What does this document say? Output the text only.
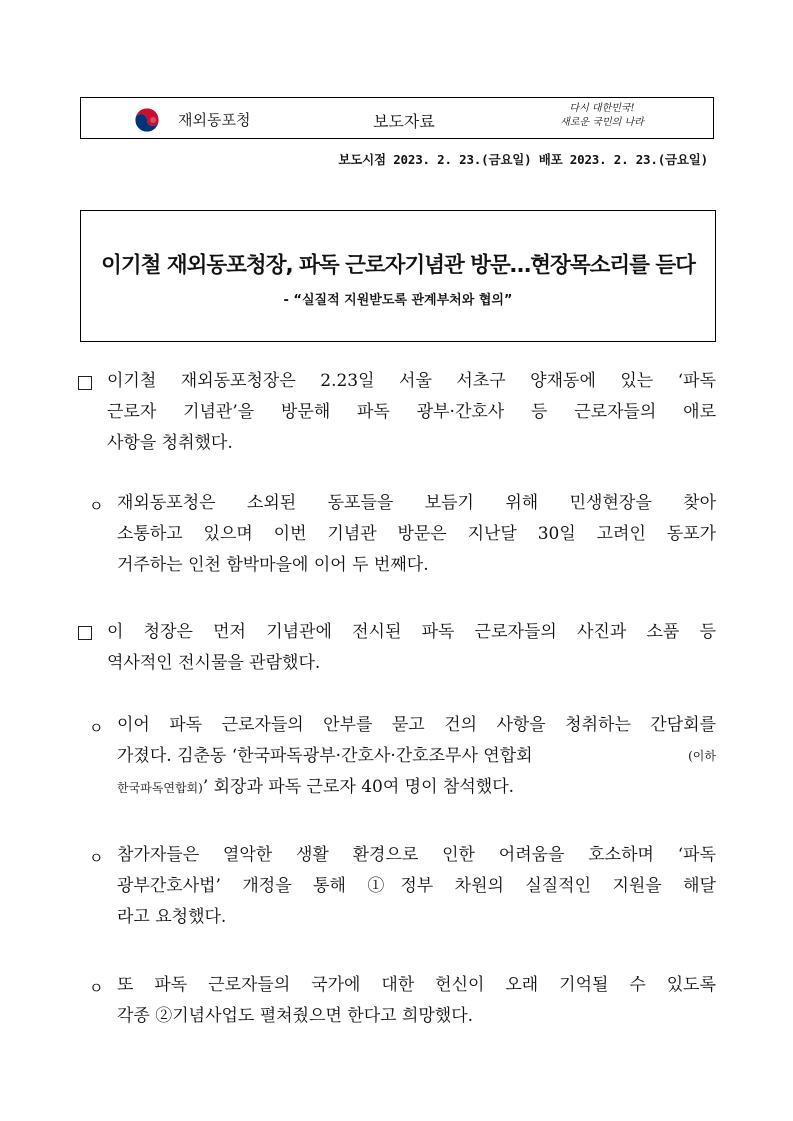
재외동포청	보도자료
다시 대한민국!
새로운 국민의 나라
보도시점 2023. 2. 23.(금요일) 배포 2023. 2. 23.(금요일)
이기철 재외동포청장, 파독 근로자기념관 방문…현장목소리를 듣다
- “실질적 지원받도록 관계부처와 협의”
이기철 재외동포청장은 2.23일 서울 서초구 양재동에 있는 ‘파독
근로자 기념관’을 방문해 파독 광부·간호사 등 근로자들의 애로
사항을 청취했다.
ㅇ 재외동포청은 소외된 동포들을 보듬기 위해 민생현장을 찾아
소통하고 있으며 이번 기념관 방문은 지난달 30일 고려인 동포가
거주하는 인천 함박마을에 이어 두 번째다.
이 청장은 먼저 기념관에 전시된 파독 근로자들의 사진과 소품 등
역사적인 전시물을 관람했다.
ㅇ 이어 파독 근로자들의 안부를 묻고 건의 사항을 청취하는 간담회를
가졌다. 김춘동 ‘한국파독광부·간호사·간호조무사 연합회	(이하
한국파독연합회)’ 회장과 파독 근로자 40여 명이 참석했다.
ㅇ 참가자들은 열악한 생활 환경으로 인한 어려움을 호소하며 ‘파독
광부간호사법’ 개정을 통해 ①정부 차원의 실질적인 지원을 해달
라고 요청했다.
ㅇ 또 파독 근로자들의 국가에 대한 헌신이 오래 기억될 수 있도록
각종 ②기념사업도 펼쳐줬으면 한다고 희망했다.
